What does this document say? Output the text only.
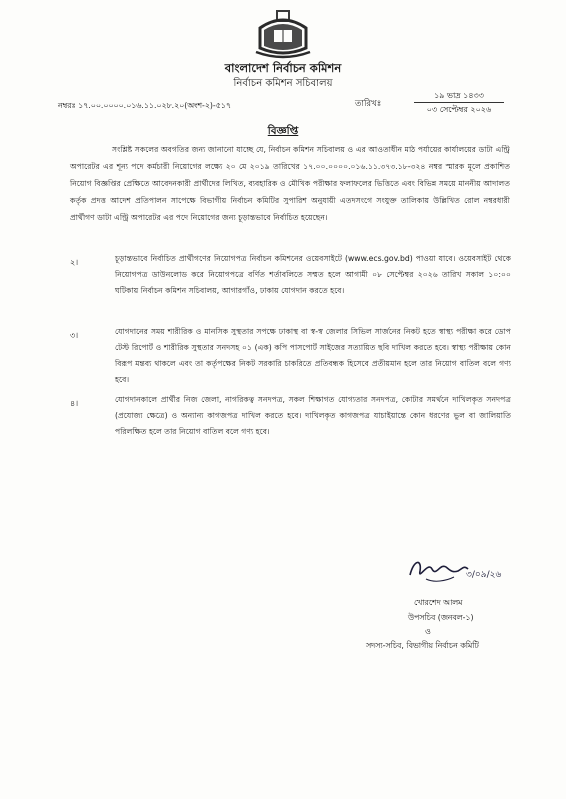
বাংলাদেশ নির্বাচন কমিশন
নির্বাচন কমিশন সচিবালয়
নম্বরঃ ১৭.০০.০০০০.০১৬.১১.০২৮.২০(অংশ-২)-৫১৭	তারিখঃ
১৯ ভাদ্র ১৪৩৩
০৩ সেপ্টেম্বর ২০২৬
বিজ্ঞপ্তি
সংশ্লিষ্ট সকলের অবগতির জন্য জানানো যাচ্ছে যে, নির্বাচন কমিশন সচিবালয় ও এর আওতাধীন মাঠ পর্যায়ের কার্যালয়ের ডাটা এন্ট্রি অপারেটর এর শূন্য পদে কর্মচারী নিয়োগের লক্ষ্যে ২০ মে ২০১৯ তারিখের ১৭.০০.০০০০.০১৬.১১.৩৭৩.১৮-৩২৪ নম্বর স্মারক মূলে প্রকাশিত নিয়োগ বিজ্ঞপ্তির প্রেক্ষিতে আবেদনকারী প্রার্থীদের লিখিত, ব্যবহারিক ও মৌখিক পরীক্ষার ফলাফলের ভিত্তিতে এবং বিভিন্ন সময়ে মাননীয় আদালত কর্তৃক প্রদত্ত আদেশ প্রতিপালন সাপেক্ষে বিভাগীয় নির্বাচন কমিটির সুপারিশ অনুযায়ী এতদসংগে সংযুক্ত তালিকায় উল্লিখিত রোল নম্বরধারী প্রার্থীগণ ডাটা এন্ট্রি অপারেটর এর পদে নিয়োগের জন্য চূড়ান্তভাবে নির্বাচিত হয়েছেন।
২।	চূড়ান্তভাবে নির্বাচিত প্রার্থীগণের নিয়োগপত্র নির্বাচন কমিশনের ওয়েবসাইটে (www.ecs.gov.bd) পাওয়া যাবে। ওয়েবসাইট থেকে নিয়োগপত্র ডাউনলোড করে নিয়োগপত্রে বর্ণিত শর্তাবলিতে সম্মত হলে আগামী ০৮ সেপ্টেম্বর ২০২৬ তারিখ সকাল ১০:০০ ঘটিকায় নির্বাচন কমিশন সচিবালয়, আগারগাঁও, ঢাকায় যোগদান করতে হবে।
৩।	যোগদানের সময় শারীরিক ও মানসিক সুস্থতার সপক্ষে ঢাকাস্থ বা স্ব-স্ব জেলার সিভিল সার্জনের নিকট হতে স্বাস্থ্য পরীক্ষা করে ডোপ টেস্ট রিপোর্ট ও শারীরিক সুস্থতার সনদসহ ০১ (এক) কপি পাসপোর্ট সাইজের সত্যায়িত ছবি দাখিল করতে হবে। স্বাস্থ্য পরীক্ষায় কোন বিরূপ মন্তব্য থাকলে এবং তা কর্তৃপক্ষের নিকট সরকারি চাকরিতে প্রতিবন্ধক হিসেবে প্রতীয়মান হলে তার নিয়োগ বাতিল বলে গণ্য হবে।
৪।	যোগদানকালে প্রার্থীর নিজ জেলা, নাগরিকত্ব সনদপত্র, সকল শিক্ষাগত যোগ্যতার সনদপত্র, কোটার সমর্থনে দাখিলকৃত সনদপত্র (প্রযোজ্য ক্ষেত্রে) ও অন্যান্য কাগজপত্র দাখিল করতে হবে। দাখিলকৃত কাগজপত্র যাচাইয়ান্তে কোন ধরণের ভুল বা জালিয়াতি পরিলক্ষিত হলে তার নিয়োগ বাতিল বলে গণ্য হবে।
৩/০৯/২৬
খোরশেদ আলম
উপসচিব (জনবল-১)
ও
সদস্য-সচিব, বিভাগীয় নির্বাচন কমিটি
